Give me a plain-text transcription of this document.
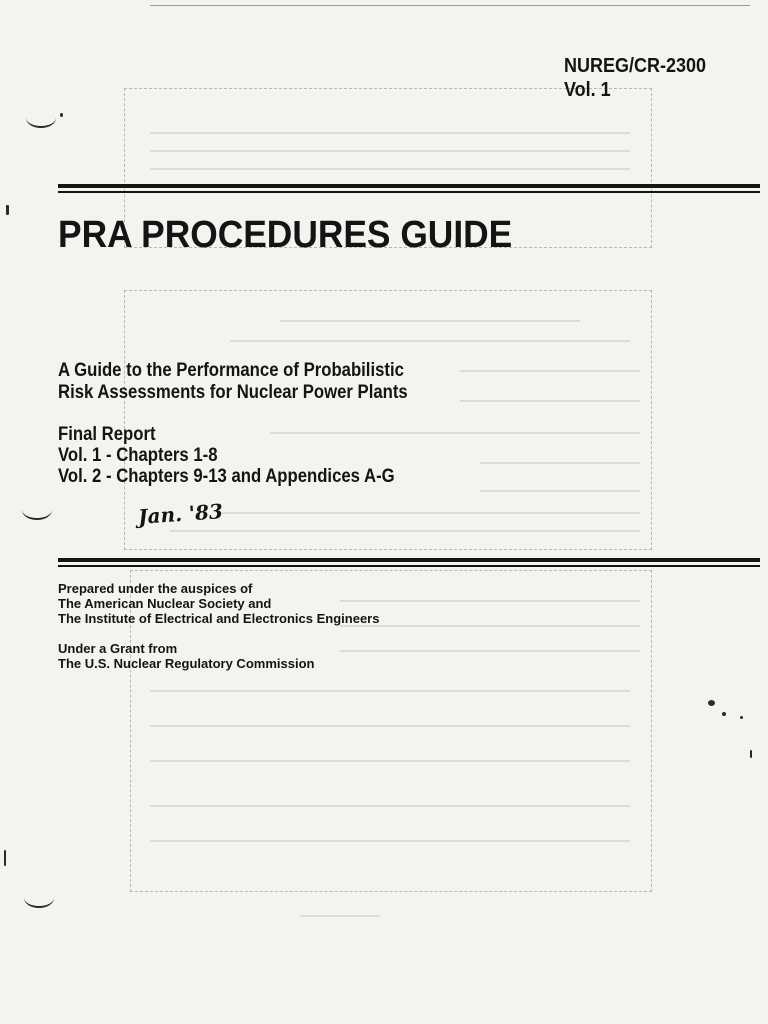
NUREG/CR-2300
Vol. 1
PRA PROCEDURES GUIDE
A Guide to the Performance of Probabilistic
Risk Assessments for Nuclear Power Plants
Final Report
Vol. 1 - Chapters 1-8
Vol. 2 - Chapters 9-13 and Appendices A-G
Jan. '83
Prepared under the auspices of
The American Nuclear Society and
The Institute of Electrical and Electronics Engineers
Under a Grant from
The U.S. Nuclear Regulatory Commission
